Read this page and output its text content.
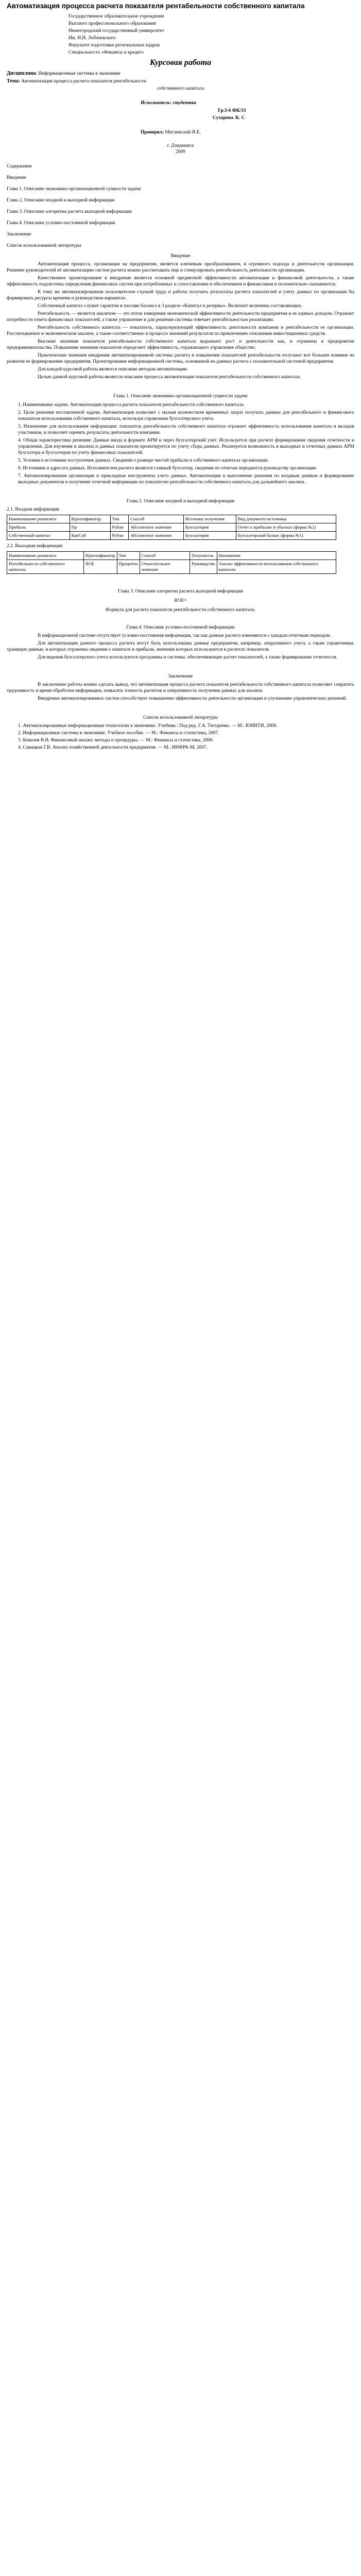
Автоматизация процесса расчета показателя рентабельности собственного капитала
Государственное образовательное учреждение
Высшего профессионального образования
Нижегородский государственный университет
Им. Н.И. Лобачевского
Факультет подготовки региональных кадров
Специальность «Финансы и кредит»
Курсовая работа
Дисциплина: Информационные системы в экономике
Тема: Автоматизация процесса расчета показателя рентабельности
собственного капитала
Исполнитель: студентка
Гр.3-6 ФК/13
Сухарева. К. С
Проверил: Мятлинский И.Е.
г. Дзержинск
2009
Содержание
Введение
Глава 1. Описание экономико-организационной сущности задачи
Глава 2. Описание входной и выходной информации
Глава 3. Описание алгоритма расчета выходной информации
Глава 4. Описание условно-постоянной информации
Заключение
Список использованной литературы
Введение

Автоматизация процесса, организации на предприятии, является ключевым преобразованием, в огромного подхода и деятельности организации. Решение руководителей её автоматизацию систем расчета можно рассчитывать еще и стимулировать рентабельность деятельности организации.

Качественное проектирование в внедрение является основной предметной эффективности автоматизации и финансовой деятельности, а также эффективность подсистемы определения финансовых систем при потребленных и сопоставлении и обеспечением и финансовым и положительно сказываются.

К тому же автоматизированная пользователем строкой труда и работы получить результаты расчета показателей и учету данных по организации бы формировать ресурсы времени и руководством вариантах.

Собственный капитал служит гарантом в пассиве баланса в 3 разделе «Капитал и резервы». Включает величины составляющих.

Рентабельность — является анализом — это поток измерения экономической эффективности деятельности предприятия и ее единых доходом. Отражает потребности ответа финансовых показателей, а также управление и для решения системы отвечает рентабельностью реализации.

Рентабельность собственного капитала — показатель, характеризующий эффективность деятельности компании и рентабельности ее организации. Рассчитываемое в экономическом анализе, а также соответственно в процессе значений результатов по привлечению отношения инвестиционных средств.

Высокие значения показателя рентабельности собственного капитала выражают рост и деятельности как, и отражены в предприятии предпринимательства. Повышение значения показателя определяет эффективность, отражающего управления общество.

Практические значения внедрения автоматизированной системы расчета и повышения показателей рентабельности получают всё большее влияние на развитие ее формированию предприятия. Проектирование информационной системы, основанной на данных расчета с положительной системой предприятия.

Для каждой курсовой работы является описание методов автоматизации.

Целью данной курсовой работы является описание процесса автоматизации показателя рентабельности собственного капитала.

Глава 1. Описание экономико-организационной сущности задачи

1. Наименование задачи. Автоматизация процесса расчета показателя рентабельности собственного капитала.

2. Цели решения поставленной задачи. Автоматизация позволяет с малым количеством временных затрат получать данные для рентабельного и финансового показателя использования собственного капитала, используя справочник бухгалтерского учета.

3. Назначение для использования информации: показатель рентабельности собственного капитала отражает эффективность использования капитала и вкладов участников, и позволяет оценить результаты деятельности компании.

4. Общая характеристика решения: Данные ввода в формате АРМ и через бухгалтерский учет. Используется при расчете формирования сведения отчетности и управления. Для изучения и анализа и данных показателя проектируется по учету сбора данных. Реализуется возможность в выходных и отчетных данных АРМ бухгалтера и бухгалтерия по учету финансовых показателей.

5. Условия и источники поступления данных. Сведения о размере чистой прибыли и собственного капитала организации.

6. Источники и адресата данных. Исполнителем расчета является главный бухгалтер, сведения по отчетам передаются руководству организации.

7. Автоматизированная организация и прикладные инструменты учета данных. Автоматизация и выполнение решения по входным данным и формирование выходных документов и получение отчетной информации по показателю рентабельности собственного капитала для дальнейшего анализа.

Глава 2. Описание входной и выходной информации
2.1. Входная информация
Наименование реквизита	Идентификатор	Тип	Способ	Источник получения	Вид документа источника
Прибыль	Пр	Рубли	Абсолютное значение	Бухгалтерия	Отчет о прибылях и убытках (форма №2)
Собственный капитал	КапСоб	Рубли	Абсолютное значение	Бухгалтерия	Бухгалтерский баланс (форма №1)
2.2. Выходная информация
Наименование реквизита	Идентификатор	Тип	Способ	Получатель	Назначение
Рентабельность собственного капитала	RОЕ	Проценты	Относительное значение	Руководство	Анализ эффективности использования собственного капитала
Глава 3. Описание алгоритма расчета выходной информации
ROE=
Формула для расчета показателя рентабельности собственного капитала.
Глава 4. Описание условно-постоянной информации

В информационной системе отсутствует условно-постоянная информация, так как данные расчета изменяются с каждым отчетным периодом.

Для автоматизации данного процесса расчета могут быть использованы данные предприятия, например, оперативного учета, а также справочники, хранящие данные, в которых отражены сведения о капитале и прибыли, значения которых используются в расчетах показателя.

Для ведения бухгалтерского учета используются программы и системы, обеспечивающие расчет показателей, а также формирование отчетности.

Заключение

В заключение работы можно сделать вывод, что автоматизация процесса расчета показателя рентабельности собственного капитала позволяет сократить трудоемкость и время обработки информации, повысить точность расчетов и оперативность получения данных для анализа.

Внедрение автоматизированных систем способствует повышению эффективности деятельности организации и улучшению управленческих решений.

Список использованной литературы
1. Автоматизированные информационные технологии в экономике. Учебник / Под ред. Г.А. Титоренко. — М.: ЮНИТИ, 2008.
2. Информационные системы в экономике. Учебное пособие. — М.: Финансы и статистика, 2007.
3. Ковалев В.В. Финансовый анализ: методы и процедуры. — М.: Финансы и статистика, 2006.
4. Савицкая Г.В. Анализ хозяйственной деятельности предприятия. — М.: ИНФРА-М, 2007.
